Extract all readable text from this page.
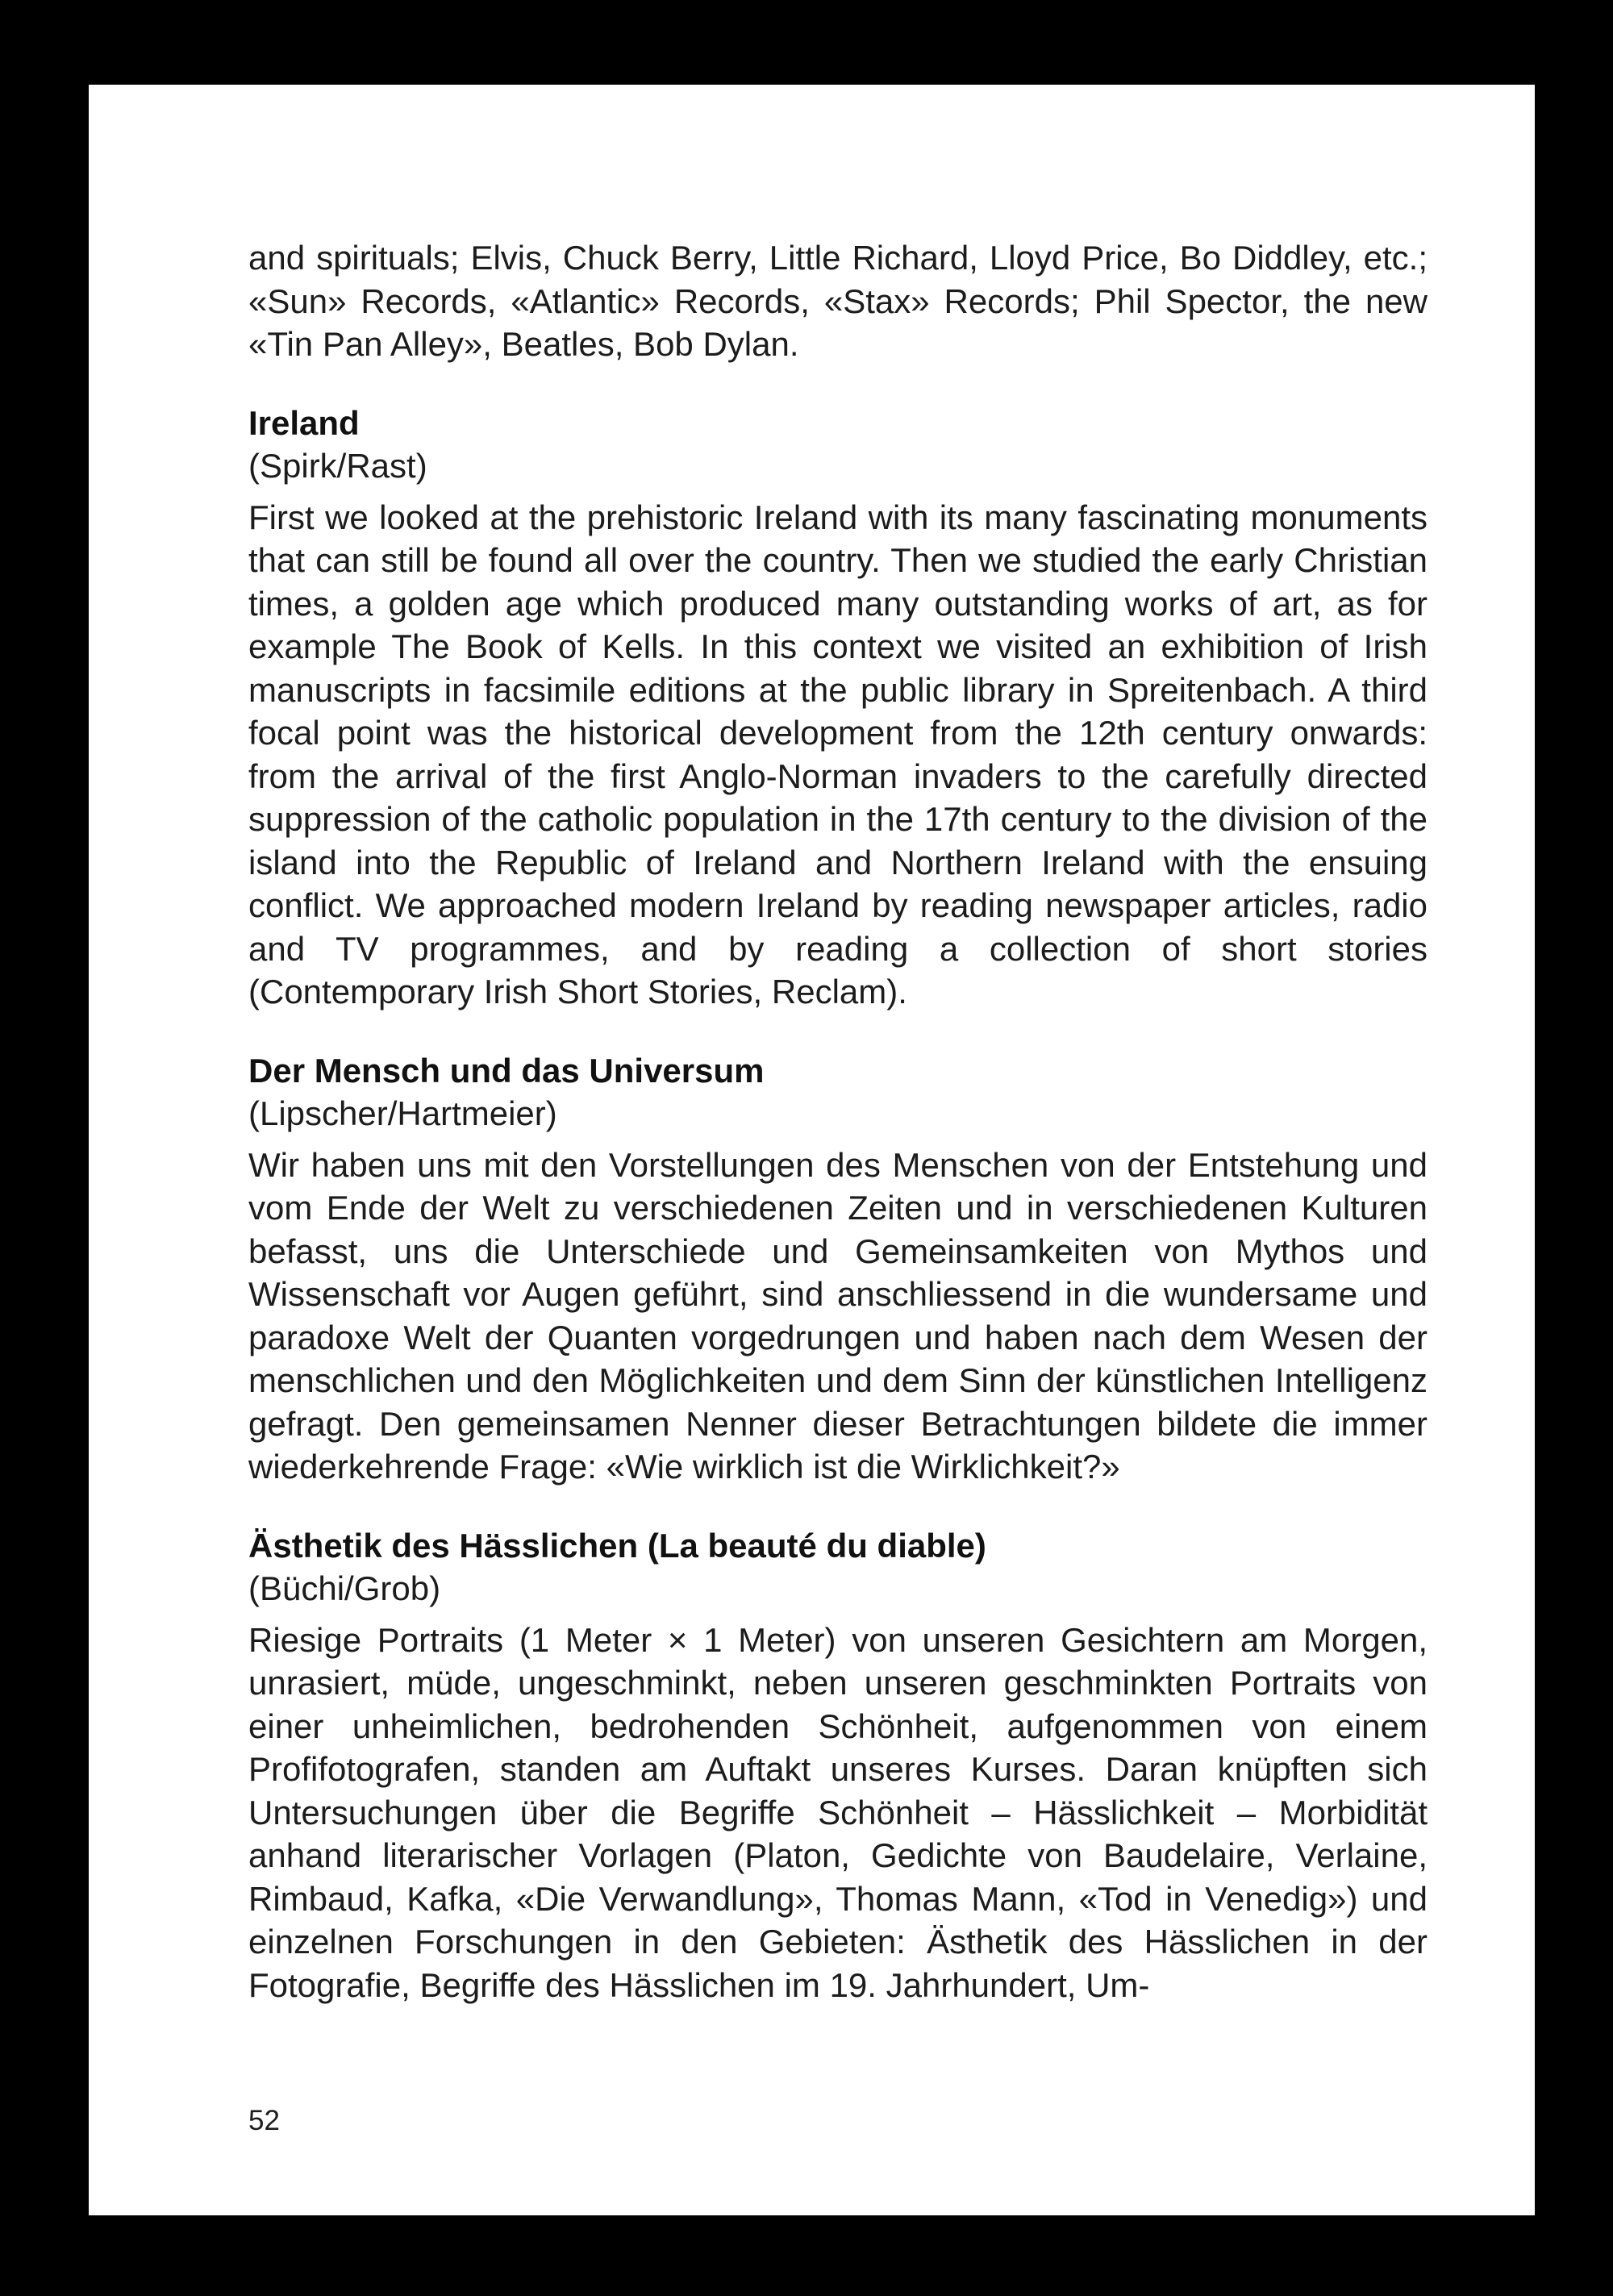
and spirituals; Elvis, Chuck Berry, Little Richard, Lloyd Price, Bo Diddley, etc.; «Sun» Records, «Atlantic» Records, «Stax» Records; Phil Spector, the new «Tin Pan Alley», Beatles, Bob Dylan.

Ireland

(Spirk/Rast)

First we looked at the prehistoric Ireland with its many fascinating monuments that can still be found all over the country. Then we studied the early Christian times, a golden age which produced many outstanding works of art, as for example The Book of Kells. In this context we visited an exhibition of Irish manuscripts in facsimile editions at the public library in Spreitenbach. A third focal point was the historical development from the 12th century onwards: from the arrival of the first Anglo-Norman invaders to the carefully directed suppression of the catholic population in the 17th century to the division of the island into the Republic of Ireland and Northern Ireland with the ensuing conflict. We approached modern Ireland by reading newspaper articles, radio and TV programmes, and by reading a collection of short stories (Contemporary Irish Short Stories, Reclam).

Der Mensch und das Universum

(Lipscher/Hartmeier)

Wir haben uns mit den Vorstellungen des Menschen von der Entstehung und vom Ende der Welt zu verschiedenen Zeiten und in verschiedenen Kulturen befasst, uns die Unterschiede und Gemeinsamkeiten von Mythos und Wissenschaft vor Augen geführt, sind anschliessend in die wundersame und paradoxe Welt der Quanten vorgedrungen und haben nach dem Wesen der menschlichen und den Möglichkeiten und dem Sinn der künstlichen Intelligenz gefragt. Den gemeinsamen Nenner dieser Betrachtungen bildete die immer wiederkehrende Frage: «Wie wirklich ist die Wirklichkeit?»

Ästhetik des Hässlichen (La beauté du diable)

(Büchi/Grob)

Riesige Portraits (1 Meter × 1 Meter) von unseren Gesichtern am Morgen, unrasiert, müde, ungeschminkt, neben unseren geschminkten Portraits von einer unheimlichen, bedrohenden Schönheit, aufgenommen von einem Profifotografen, standen am Auftakt unseres Kurses. Daran knüpften sich Untersuchungen über die Begriffe Schönheit – Hässlichkeit – Morbidität anhand literarischer Vorlagen (Platon, Gedichte von Baudelaire, Verlaine, Rimbaud, Kafka, «Die Verwandlung», Thomas Mann, «Tod in Venedig») und einzelnen Forschungen in den Gebieten: Ästhetik des Hässlichen in der Fotografie, Begriffe des Hässlichen im 19. Jahrhundert, Um-

52
